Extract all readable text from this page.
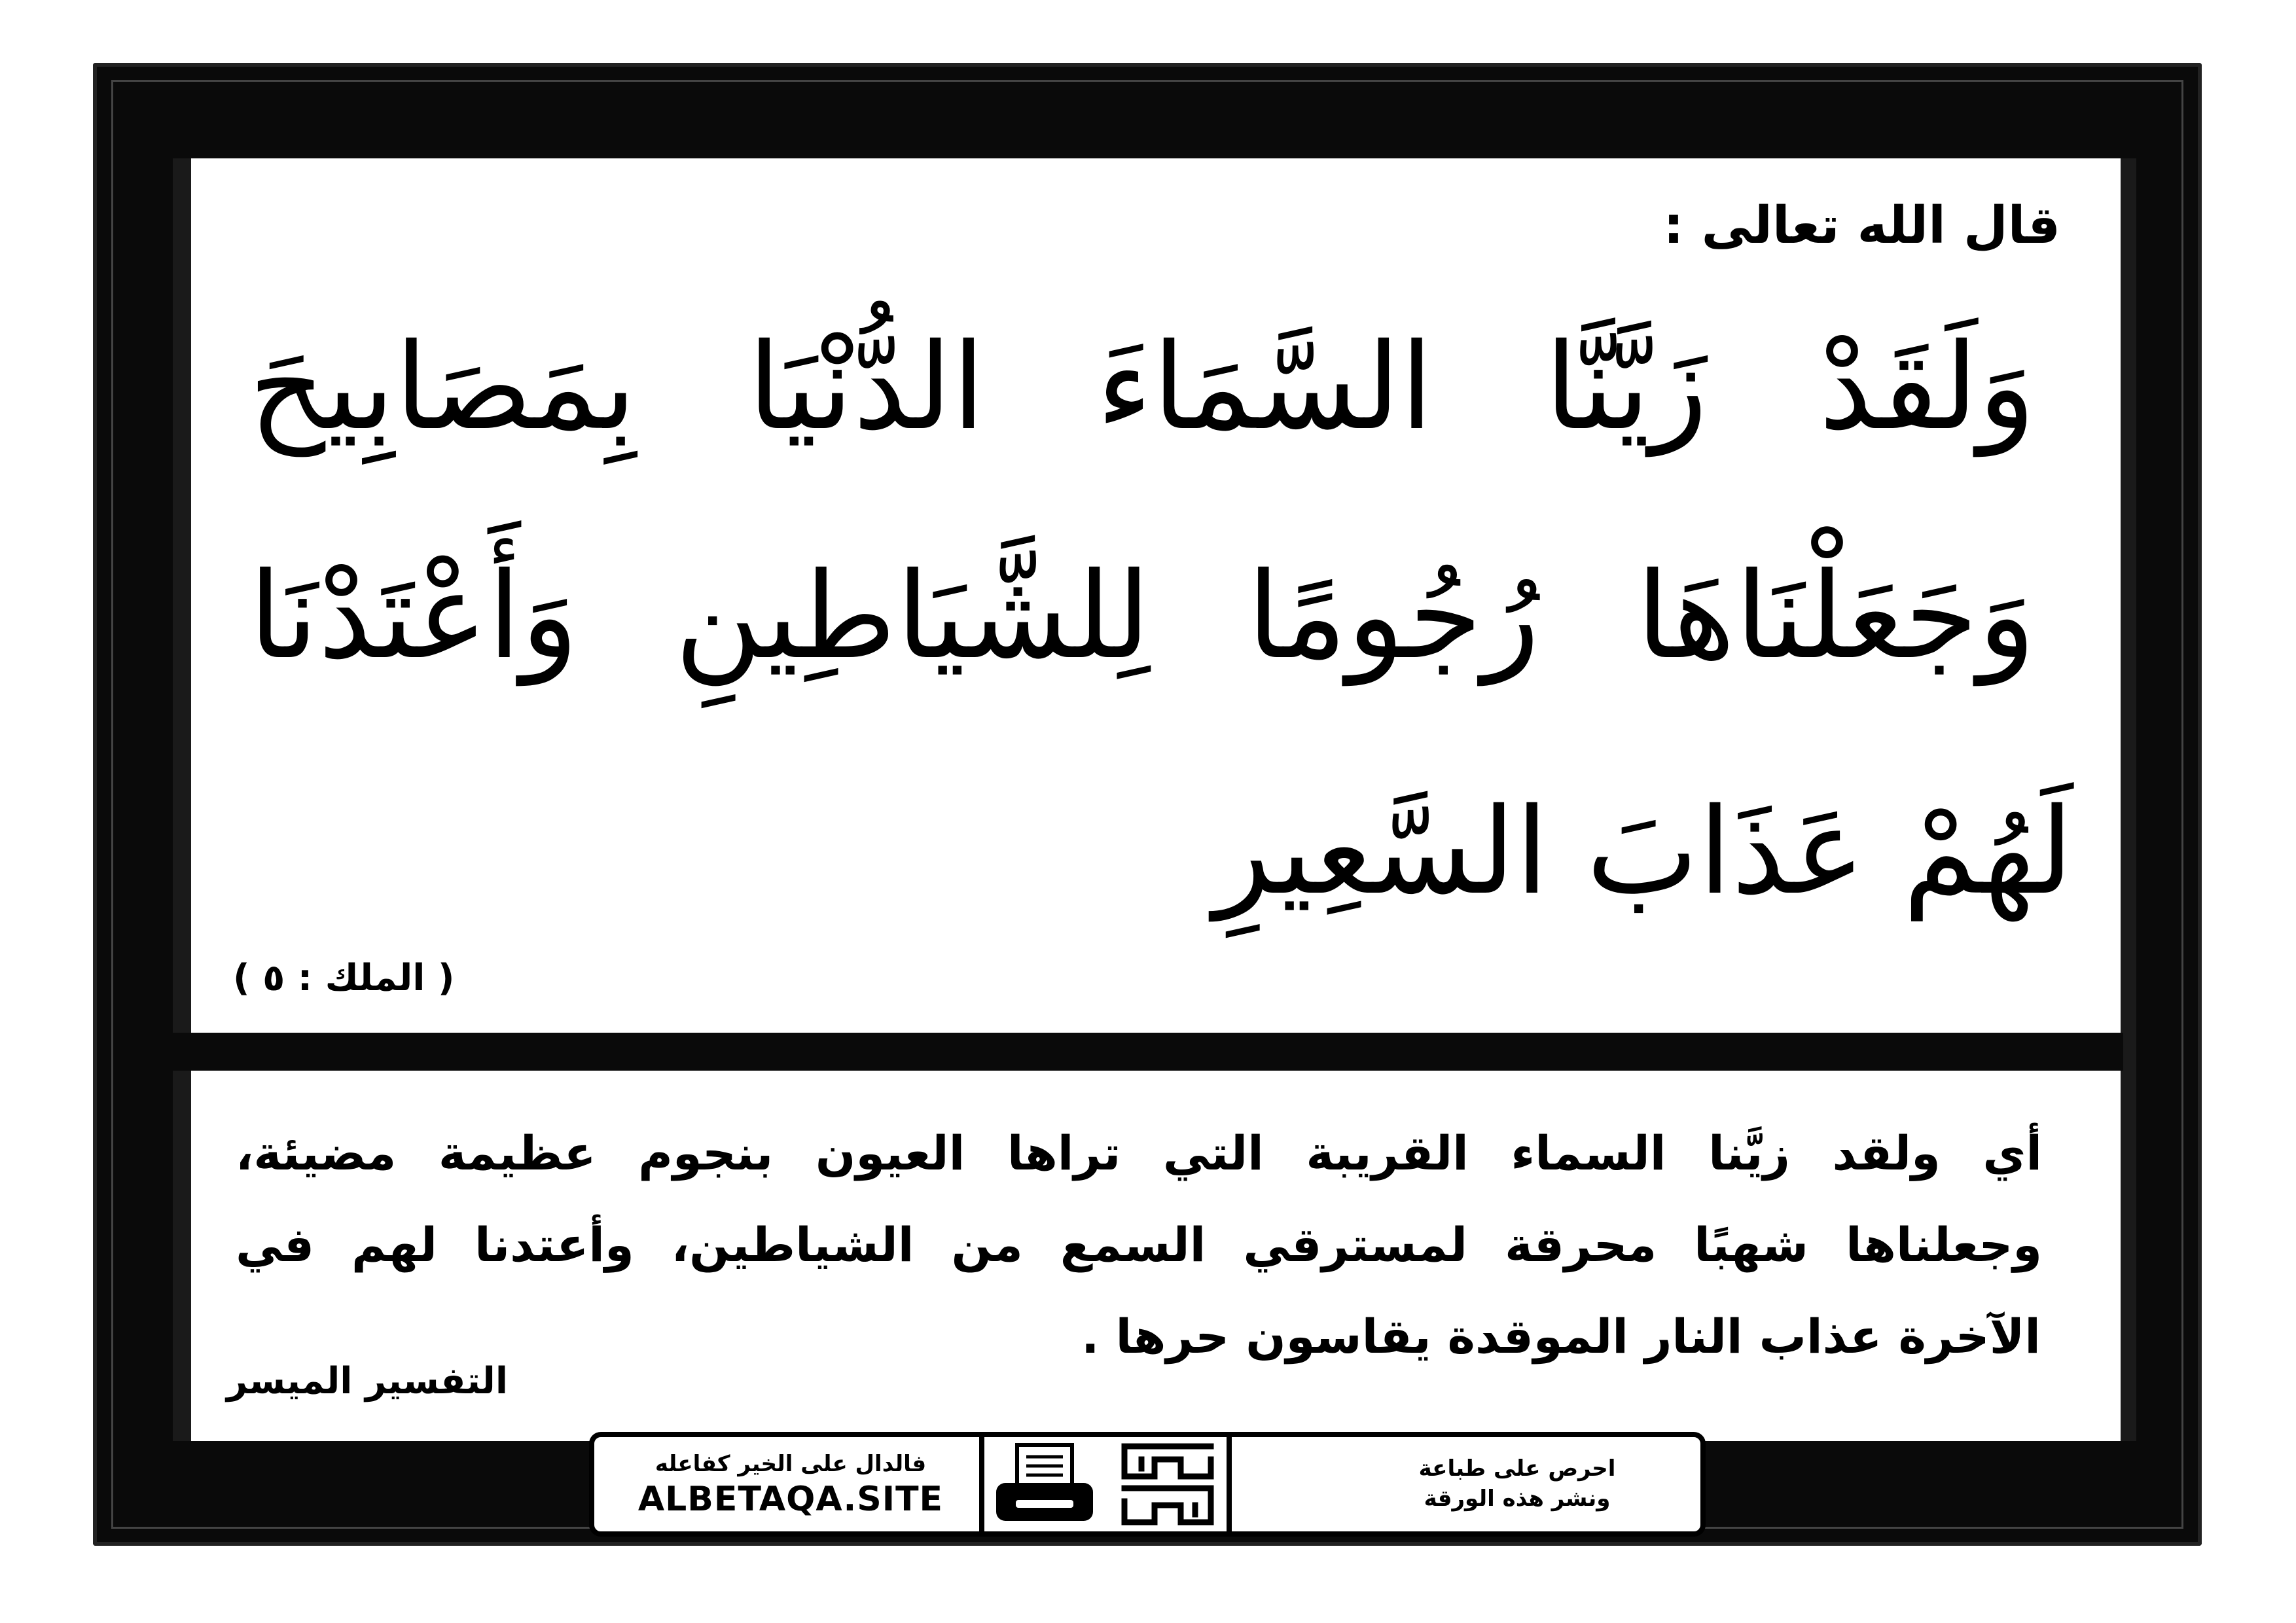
قال الله تعالى :
وَلَقَدْ زَيَّنَّا السَّمَاءَ الدُّنْيَا بِمَصَابِيحَ
وَجَعَلْنَاهَا رُجُومًا لِلشَّيَاطِينِ وَأَعْتَدْنَا
لَهُمْ عَذَابَ السَّعِيرِ
( الملك : ٥ )
أي ولقد زيَّنا السماء القريبة التي تراها العيون بنجوم عظيمة مضيئة،
وجعلناها شهبًا محرقة لمسترقي السمع من الشياطين، وأعتدنا لهم في
الآخرة عذاب النار الموقدة يقاسون حرها .
التفسير الميسر
فالدال على الخير كفاعله
ALBETAQA.SITE
احرص على طباعة
ونشر هذه الورقة
